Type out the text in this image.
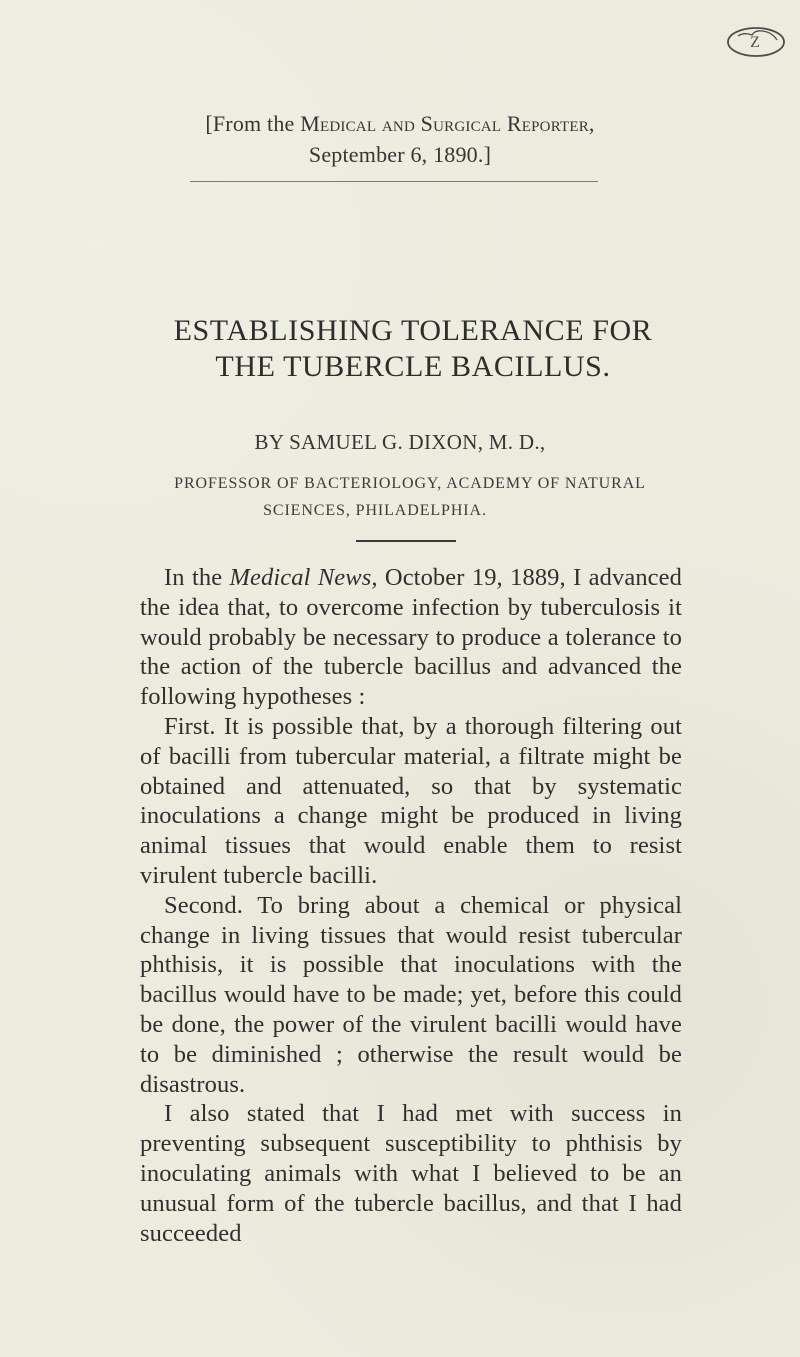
Z
[From the Medical and Surgical Reporter,
September 6, 1890.]
ESTABLISHING TOLERANCE FOR
THE TUBERCLE BACILLUS.
BY SAMUEL G. DIXON, M. D.,
PROFESSOR OF BACTERIOLOGY, ACADEMY OF NATURAL
SCIENCES, PHILADELPHIA.

In the Medical News, October 19, 1889, I advanced the idea that, to overcome infection by tuberculosis it would probably be necessary to produce a tolerance to the action of the tubercle bacillus and advanced the following hypotheses :

First. It is possible that, by a thorough filtering out of bacilli from tubercular material, a filtrate might be obtained and attenuated, so that by systematic inoculations a change might be produced in living animal tissues that would enable them to resist virulent tubercle bacilli.

Second. To bring about a chemical or physical change in living tissues that would resist tubercular phthisis, it is possible that inoculations with the bacillus would have to be made; yet, before this could be done, the power of the virulent bacilli would have to be diminished ; otherwise the result would be disastrous.

I also stated that I had met with success in preventing subsequent susceptibility to phthisis by inoculating animals with what I believed to be an unusual form of the tubercle bacillus, and that I had succeeded
